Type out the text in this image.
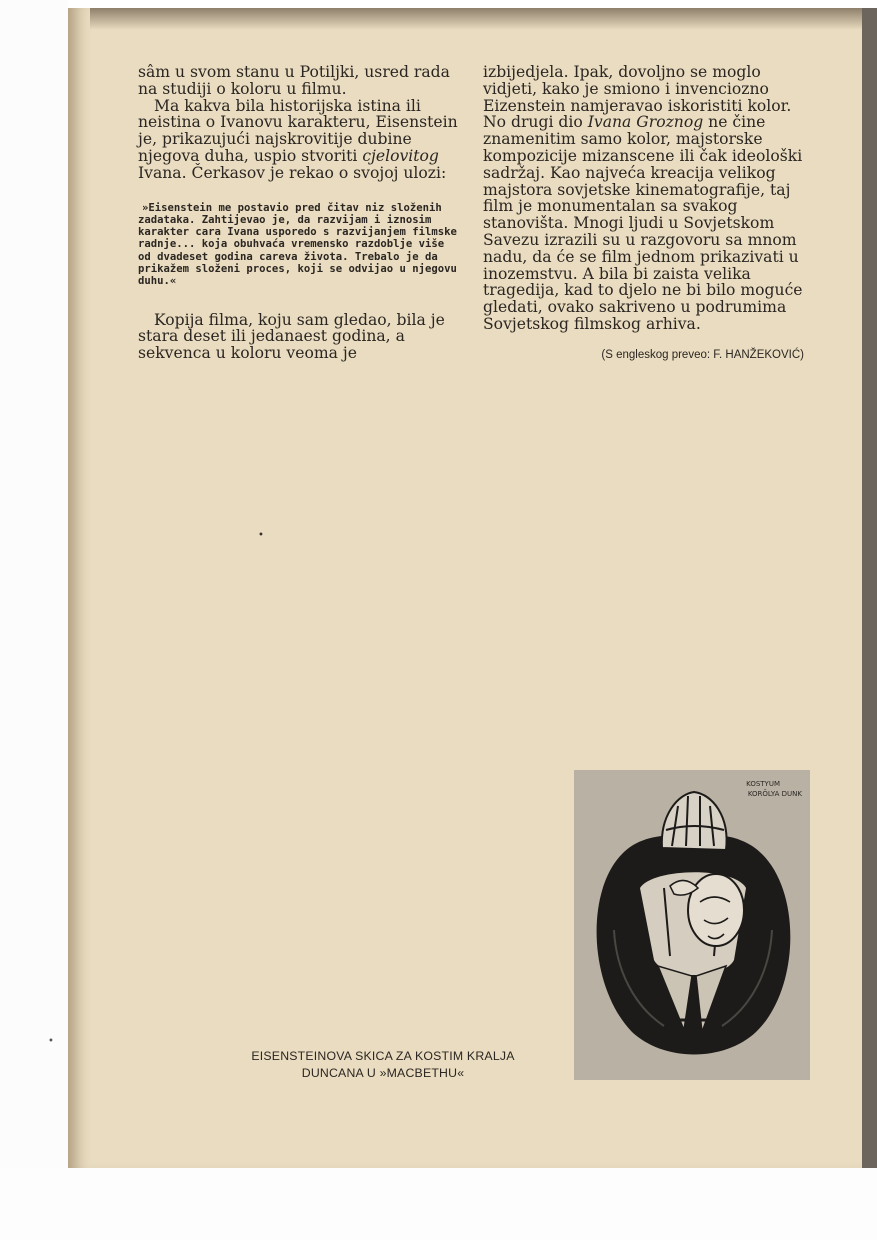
sâm u svom stanu u Potiljki, usred rada na studiji o koloru u filmu.

Ma kakva bila historijska istina ili neistina o Ivanovu karakteru, Eisenstein je, prikazujući najskrovitije dubine njegova duha, uspio stvoriti cjelovitog Ivana. Čerkasov je rekao o svojoj ulozi:

»Eisenstein me postavio pred čitav niz složenih zadataka. Zahtijevao je, da razvijam i iznosim karakter cara Ivana usporedo s razvijanjem filmske radnje... koja obuhvaća vremensko razdoblje više od dvadeset godina careva života. Trebalo je da prikažem složeni proces, koji se odvijao u njegovu duhu.«

Kopija filma, koju sam gledao, bila je stara deset ili jedanaest godina, a sekvenca u koloru veoma je

izbijedjela. Ipak, dovoljno se moglo vidjeti, kako je smiono i invenciozno Eizenstein namjeravao iskoristiti kolor. No drugi dio Ivana Groznog ne čine znamenitim samo kolor, majstorske kompozicije mizanscene ili čak ideološki sadržaj. Kao najveća kreacija velikog majstora sovjetske kinematografije, taj film je monumentalan sa svakog stanovišta. Mnogi ljudi u Sovjetskom Savezu izrazili su u razgovoru sa mnom nadu, da će se film jednom prikazivati u inozemstvu. A bila bi zaista velika tragedija, kad to djelo ne bi bilo moguće gledati, ovako sakriveno u podrumima Sovjetskog filmskog arhiva.

(S engleskog preveo: F. HANŽEKOVIĆ)

•
•
KOSTYUM
KORŌLYA DUNK
EISENSTEINOVA SKICA ZA KOSTIM KRALJA
DUNCANA U »MACBETHU«
